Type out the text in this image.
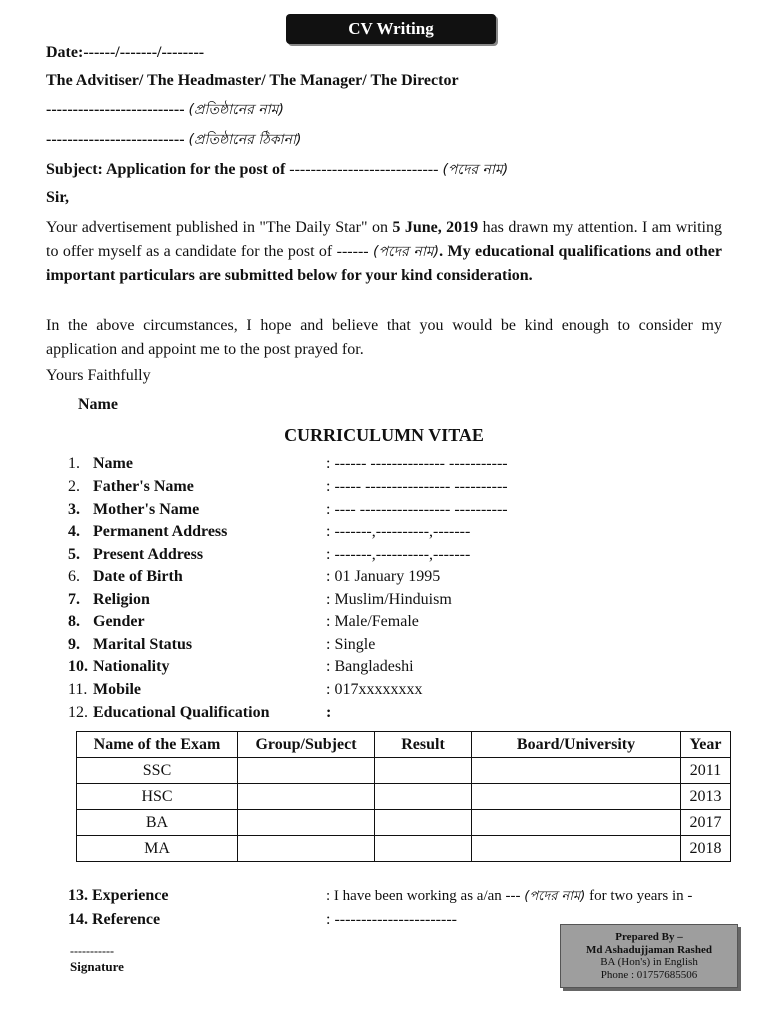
CV Writing
Date:------/-------/--------
The Advitiser/ The Headmaster/ The Manager/ The Director
-------------------------- (প্রতিষ্ঠানের নাম)
-------------------------- (প্রতিষ্ঠানের ঠিকানা)
Subject: Application for the post of ---------------------------- (পদের নাম)
Sir,
Your advertisement published in "The Daily Star" on 5 June, 2019 has drawn my attention. I am writing to offer myself as a candidate for the post of ------ (পদের নাম). My educational qualifications and other important particulars are submitted below for your kind consideration.
In the above circumstances, I hope and believe that you would be kind enough to consider my application and appoint me to the post prayed for.
Yours Faithfully
Name
CURRICULUMN VITAE
1. Name	: ------ -------------- -----------
2. Father's Name	: ----- ---------------- ----------
3. Mother's Name	: ---- ----------------- ----------
4. Permanent Address	: -------,----------,-------
5. Present Address	: -------,----------,-------
6. Date of Birth	: 01 January 1995
7. Religion	: Muslim/Hinduism
8. Gender	: Male/Female
9. Marital Status	: Single
10. Nationality	: Bangladeshi
11. Mobile	: 017xxxxxxxx
12. Educational Qualification	:
Name of the Exam	Group/Subject	Result	Board/University	Year
SSC				2011
HSC				2013
BA				2017
MA				2018
13. Experience	: I have been working as a/an --- (পদের নাম) for two years in -
14. Reference	: -----------------------
-----------
Signature
Prepared By –
Md Ashadujjaman Rashed
BA (Hon's) in English
Phone : 01757685506
